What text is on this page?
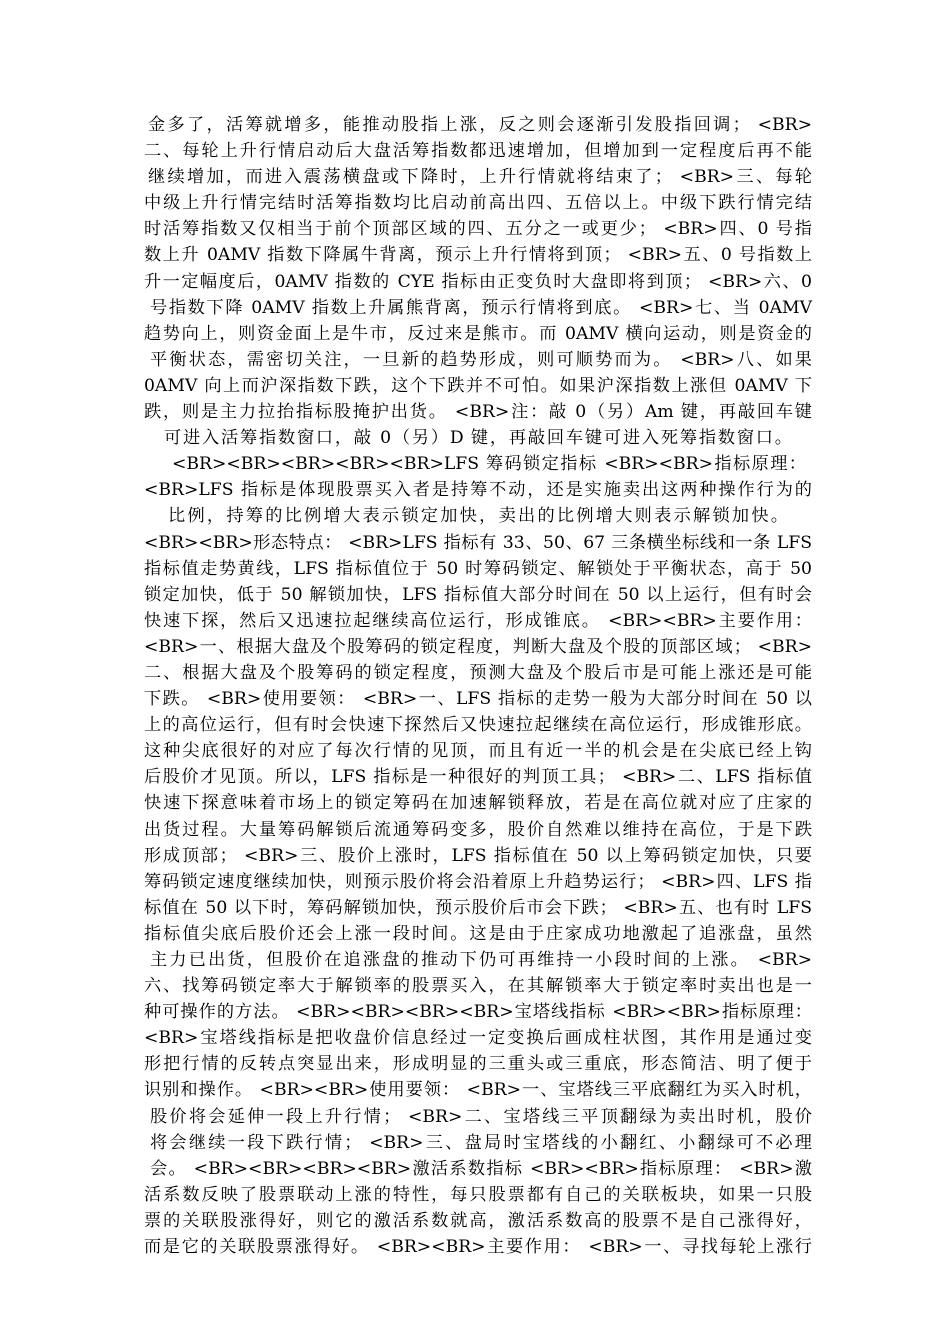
金多了，活筹就增多，能推动股指上涨，反之则会逐渐引发股指回调； <BR>
二、每轮上升行情启动后大盘活筹指数都迅速增加，但增加到一定程度后再不能
继续增加，而进入震荡横盘或下降时，上升行情就将结束了； <BR>三、每轮
中级上升行情完结时活筹指数均比启动前高出四、五倍以上。中级下跌行情完结
时活筹指数又仅相当于前个顶部区域的四、五分之一或更少； <BR>四、0 号指
数上升 0AMV 指数下降属牛背离，预示上升行情将到顶； <BR>五、0 号指数上
升一定幅度后，0AMV 指数的 CYE 指标由正变负时大盘即将到顶； <BR>六、0
号指数下降 0AMV 指数上升属熊背离，预示行情将到底。 <BR>七、当 0AMV
趋势向上，则资金面上是牛市，反过来是熊市。而 0AMV 横向运动，则是资金的
平衡状态，需密切关注，一旦新的趋势形成，则可顺势而为。 <BR>八、如果
0AMV 向上而沪深指数下跌，这个下跌并不可怕。如果沪深指数上涨但 0AMV 下
跌，则是主力拉抬指标股掩护出货。 <BR>注：敲 0（另）Am 键，再敲回车键
可进入活筹指数窗口，敲 0（另）D 键，再敲回车键可进入死筹指数窗口。
<BR><BR><BR><BR><BR>LFS 筹码锁定指标 <BR><BR>指标原理：
<BR>LFS 指标是体现股票买入者是持筹不动，还是实施卖出这两种操作行为的
比例，持筹的比例增大表示锁定加快，卖出的比例增大则表示解锁加快。
<BR><BR>形态特点： <BR>LFS 指标有 33、50、67 三条横坐标线和一条 LFS
指标值走势黄线，LFS 指标值位于 50 时筹码锁定、解锁处于平衡状态，高于 50
锁定加快，低于 50 解锁加快，LFS 指标值大部分时间在 50 以上运行，但有时会
快速下探，然后又迅速拉起继续高位运行，形成锥底。 <BR><BR>主要作用：
<BR>一、根据大盘及个股筹码的锁定程度，判断大盘及个股的顶部区域； <BR>
二、根据大盘及个股筹码的锁定程度，预测大盘及个股后市是可能上涨还是可能
下跌。 <BR>使用要领： <BR>一、LFS 指标的走势一般为大部分时间在 50 以
上的高位运行，但有时会快速下探然后又快速拉起继续在高位运行，形成锥形底。
这种尖底很好的对应了每次行情的见顶，而且有近一半的机会是在尖底已经上钩
后股价才见顶。所以，LFS 指标是一种很好的判顶工具； <BR>二、LFS 指标值
快速下探意味着市场上的锁定筹码在加速解锁释放，若是在高位就对应了庄家的
出货过程。大量筹码解锁后流通筹码变多，股价自然难以维持在高位，于是下跌
形成顶部； <BR>三、股价上涨时，LFS 指标值在 50 以上筹码锁定加快，只要
筹码锁定速度继续加快，则预示股价将会沿着原上升趋势运行； <BR>四、LFS 指
标值在 50 以下时，筹码解锁加快，预示股价后市会下跌； <BR>五、也有时 LFS
指标值尖底后股价还会上涨一段时间。这是由于庄家成功地激起了追涨盘，虽然
主力已出货，但股价在追涨盘的推动下仍可再维持一小段时间的上涨。 <BR>
六、找筹码锁定率大于解锁率的股票买入，在其解锁率大于锁定率时卖出也是一
种可操作的方法。 <BR><BR><BR><BR>宝塔线指标 <BR><BR>指标原理：
<BR>宝塔线指标是把收盘价信息经过一定变换后画成柱状图，其作用是通过变
形把行情的反转点突显出来，形成明显的三重头或三重底，形态简洁、明了便于
识别和操作。 <BR><BR>使用要领： <BR>一、宝塔线三平底翻红为买入时机，
股价将会延伸一段上升行情； <BR>二、宝塔线三平顶翻绿为卖出时机，股价
将会继续一段下跌行情； <BR>三、盘局时宝塔线的小翻红、小翻绿可不必理
会。 <BR><BR><BR><BR>激活系数指标 <BR><BR>指标原理： <BR>激
活系数反映了股票联动上涨的特性，每只股票都有自己的关联板块，如果一只股
票的关联股涨得好，则它的激活系数就高，激活系数高的股票不是自己涨得好，
而是它的关联股票涨得好。 <BR><BR>主要作用： <BR>一、寻找每轮上涨行
